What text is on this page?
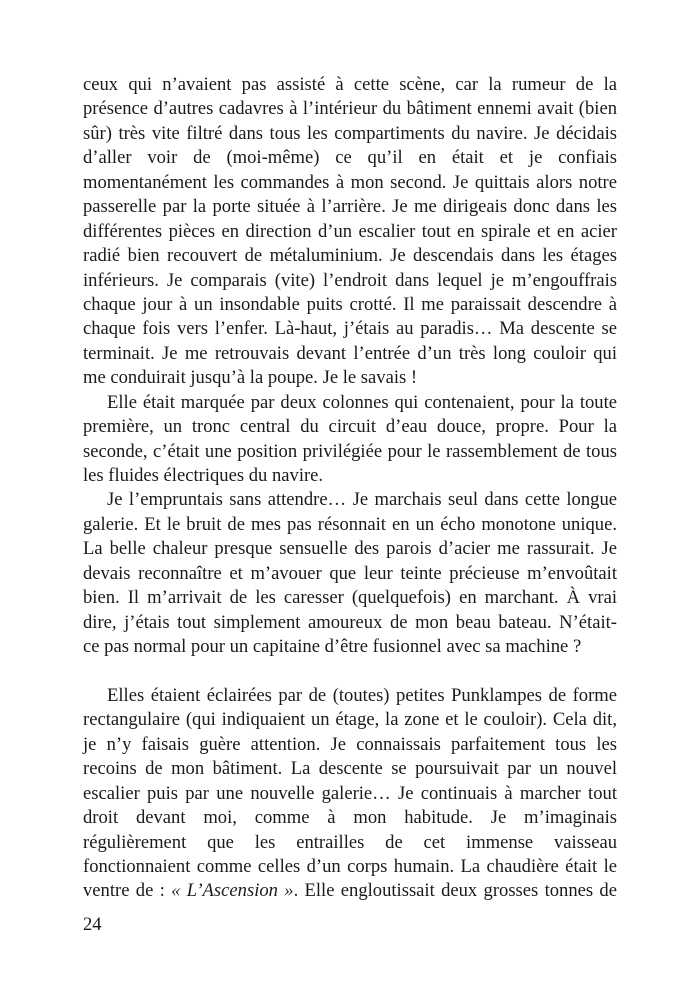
ceux qui n’avaient pas assisté à cette scène, car la rumeur de la
présence d’autres cadavres à l’intérieur du bâtiment ennemi avait (bien
sûr) très vite filtré dans tous les compartiments du navire. Je décidais
d’aller voir de (moi-même) ce qu’il en était et je confiais
momentanément les commandes à mon second. Je quittais alors notre
passerelle par la porte située à l’arrière. Je me dirigeais donc dans les
différentes pièces en direction d’un escalier tout en spirale et en acier
radié bien recouvert de métaluminium. Je descendais dans les étages
inférieurs. Je comparais (vite) l’endroit dans lequel je m’engouffrais
chaque jour à un insondable puits crotté. Il me paraissait descendre à
chaque fois vers l’enfer. Là-haut, j’étais au paradis… Ma descente se
terminait. Je me retrouvais devant l’entrée d’un très long couloir qui
me conduirait jusqu’à la poupe. Je le savais !
Elle était marquée par deux colonnes qui contenaient, pour la toute
première, un tronc central du circuit d’eau douce, propre. Pour la
seconde, c’était une position privilégiée pour le rassemblement de tous
les fluides électriques du navire.
Je l’empruntais sans attendre… Je marchais seul dans cette longue
galerie. Et le bruit de mes pas résonnait en un écho monotone unique.
La belle chaleur presque sensuelle des parois d’acier me rassurait. Je
devais reconnaître et m’avouer que leur teinte précieuse m’envoûtait
bien. Il m’arrivait de les caresser (quelquefois) en marchant. À vrai
dire, j’étais tout simplement amoureux de mon beau bateau. N’était-
ce pas normal pour un capitaine d’être fusionnel avec sa machine ?
Elles étaient éclairées par de (toutes) petites Punklampes de forme
rectangulaire (qui indiquaient un étage, la zone et le couloir). Cela dit,
je n’y faisais guère attention. Je connaissais parfaitement tous les
recoins de mon bâtiment. La descente se poursuivait par un nouvel
escalier puis par une nouvelle galerie… Je continuais à marcher tout
droit devant moi, comme à mon habitude. Je m’imaginais
régulièrement que les entrailles de cet immense vaisseau
fonctionnaient comme celles d’un corps humain. La chaudière était le
ventre de : « L’Ascension ». Elle engloutissait deux grosses tonnes de
24
